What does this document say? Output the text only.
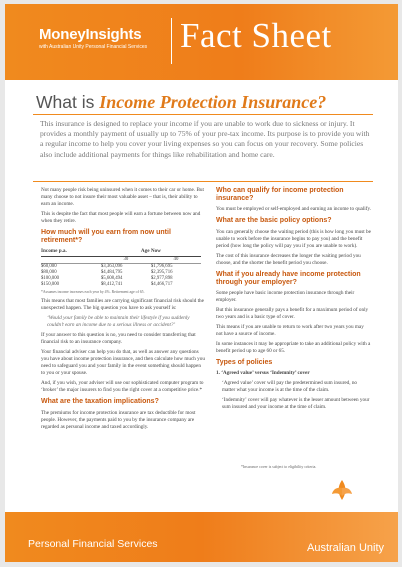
MoneyInsights
with Australian Unity Personal Financial Services Fact Sheet
What is Income Protection Insurance?
This insurance is designed to replace your income if you are unable to work due to sickness or injury. It provides a monthly payment of usually up to 75% of your pre-tax income. Its purpose is to provide you with a regular income to help you cover your living expenses so you can focus on your recovery. Some policies also include additional payments for things like rehabilitation and home care.

Not many people risk being uninsured when it comes to their car or home. But many choose to not insure their most valuable asset – that is, their ability to earn an income.

This is despite the fact that most people will earn a fortune between now and when they retire.

How much will you earn from now until retirement*?
Income p.a.	Age Now	
	30	40
$60,000	$3,363,096	$1,796,695
$80,000	$4,484,795	$2,395,716
$100,000	$5,608,494	$2,977,898
$150,000	$8,412,741	$4,466,717

*Assumes income increases each year by 4%. Retirement age of 65.

This means that most families are carrying significant financial risk should the unexpected happen. The big question you have to ask yourself is:

‘Would your family be able to maintain their lifestyle if you suddenly couldn’t earn an income due to a serious illness or accident?’

If your answer to this question is no, you need to consider transferring that financial risk to an insurance company.

Your financial adviser can help you do that, as well as answer any questions you have about income protection insurance, and then calculate how much you need to safeguard you and your family in the event something should happen to you or your spouse.

And, if you wish, your adviser will use our sophisticated computer program to ‘broker’ the major insurers to find you the right cover at a competitive price.*

What are the taxation implications?

The premiums for income protection insurance are tax deductible for most people. However, the payments paid to you by the insurance company are regarded as personal income and taxed accordingly.

Who can qualify for income protection insurance?

You must be employed or self-employed and earning an income to qualify.

What are the basic policy options?

You can generally choose the waiting period (this is how long you must be unable to work before the insurance begins to pay you) and the benefit period (how long the policy will pay you if you are unable to work).

The cost of this insurance decreases the longer the waiting period you choose, and the shorter the benefit period you choose.

What if you already have income protection through your employer?

Some people have basic income protection insurance through their employer.

But this insurance generally pays a benefit for a maximum period of only two years and is a basic type of cover.

This means if you are unable to return to work after two years you may not have a source of income.

In some instances it may be appropriate to take an additional policy with a benefit period up to age 60 or 65.

Types of policies

1. ‘Agreed value’ versus ‘Indemnity’ cover

‘Agreed value’ cover will pay the predetermined sum insured, no matter what your income is at the time of the claim.

‘Indemnity’ cover will pay whatever is the lesser amount between your sum insured and your income at the time of claim.

*Insurance cover is subject to eligibility criteria.
Personal Financial Services	Australian Unity
